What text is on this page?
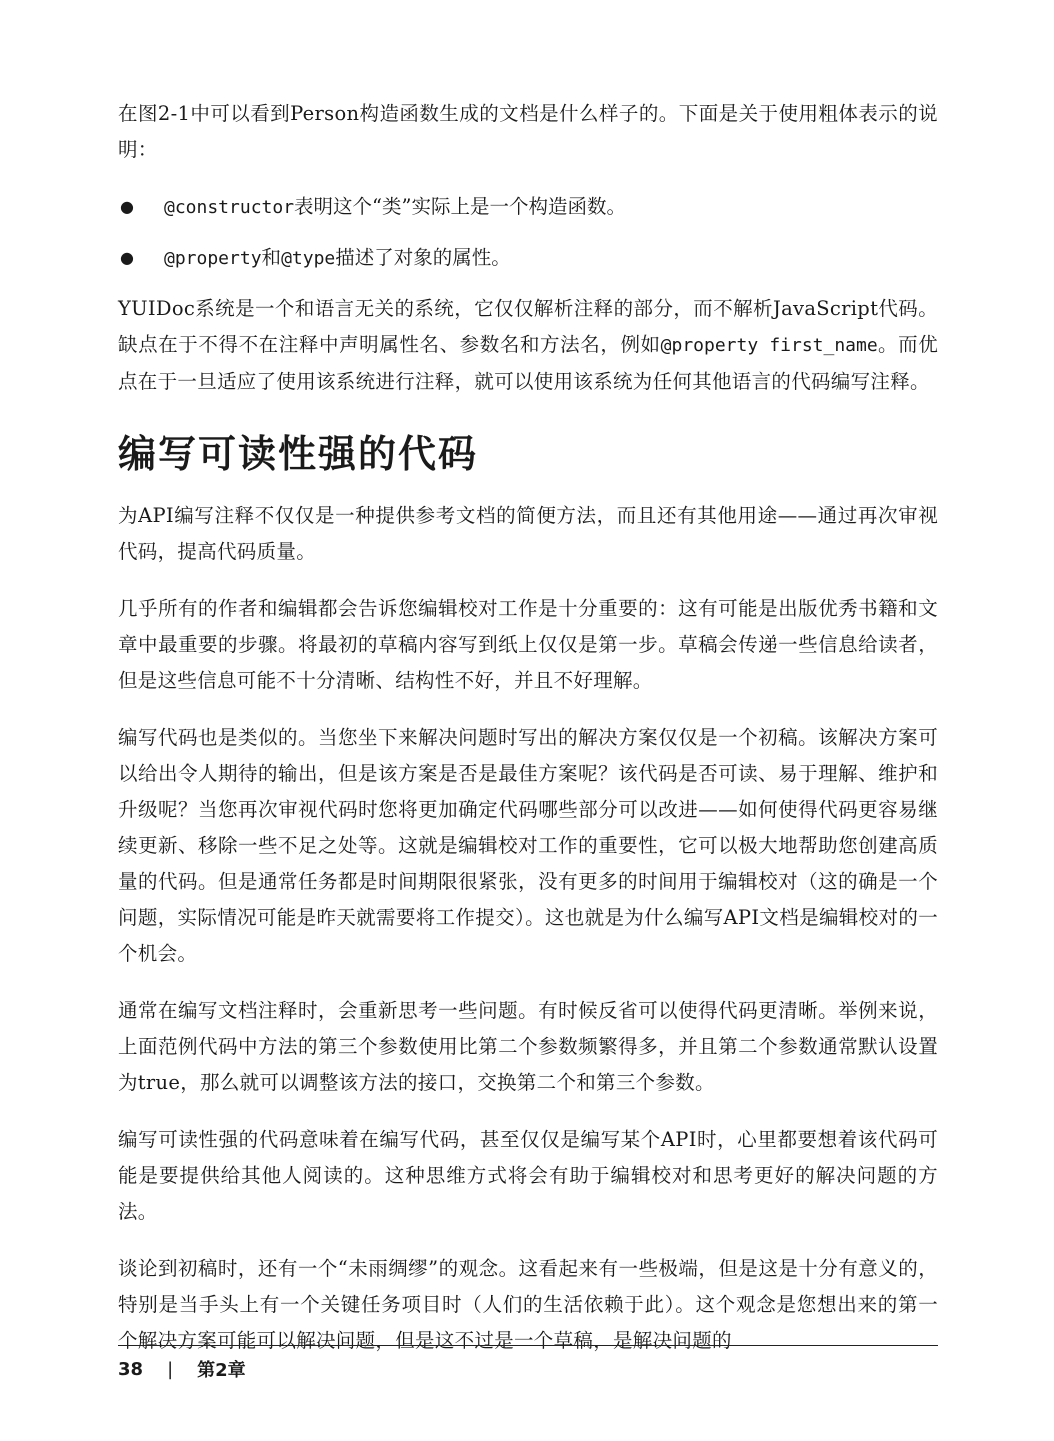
在图2-1中可以看到Person构造函数生成的文档是什么样子的。下面是关于使用粗体表示的说明：

● @constructor表明这个“类”实际上是一个构造函数。
● @property和@type描述了对象的属性。

YUIDoc系统是一个和语言无关的系统，它仅仅解析注释的部分，而不解析JavaScript代码。缺点在于不得不在注释中声明属性名、参数名和方法名，例如@property first_name。而优点在于一旦适应了使用该系统进行注释，就可以使用该系统为任何其他语言的代码编写注释。

编写可读性强的代码

为API编写注释不仅仅是一种提供参考文档的简便方法，而且还有其他用途——通过再次审视代码，提高代码质量。

几乎所有的作者和编辑都会告诉您编辑校对工作是十分重要的：这有可能是出版优秀书籍和文章中最重要的步骤。将最初的草稿内容写到纸上仅仅是第一步。草稿会传递一些信息给读者，但是这些信息可能不十分清晰、结构性不好，并且不好理解。

编写代码也是类似的。当您坐下来解决问题时写出的解决方案仅仅是一个初稿。该解决方案可以给出令人期待的输出，但是该方案是否是最佳方案呢？该代码是否可读、易于理解、维护和升级呢？当您再次审视代码时您将更加确定代码哪些部分可以改进——如何使得代码更容易继续更新、移除一些不足之处等。这就是编辑校对工作的重要性，它可以极大地帮助您创建高质量的代码。但是通常任务都是时间期限很紧张，没有更多的时间用于编辑校对（这的确是一个问题，实际情况可能是昨天就需要将工作提交）。这也就是为什么编写API文档是编辑校对的一个机会。

通常在编写文档注释时，会重新思考一些问题。有时候反省可以使得代码更清晰。举例来说，上面范例代码中方法的第三个参数使用比第二个参数频繁得多，并且第二个参数通常默认设置为true，那么就可以调整该方法的接口，交换第二个和第三个参数。

编写可读性强的代码意味着在编写代码，甚至仅仅是编写某个API时，心里都要想着该代码可能是要提供给其他人阅读的。这种思维方式将会有助于编辑校对和思考更好的解决问题的方法。

谈论到初稿时，还有一个“未雨绸缪”的观念。这看起来有一些极端，但是这是十分有意义的，特别是当手头上有一个关键任务项目时（人们的生活依赖于此）。这个观念是您想出来的第一个解决方案可能可以解决问题，但是这不过是一个草稿，是解决问题的

38 | 第2章
